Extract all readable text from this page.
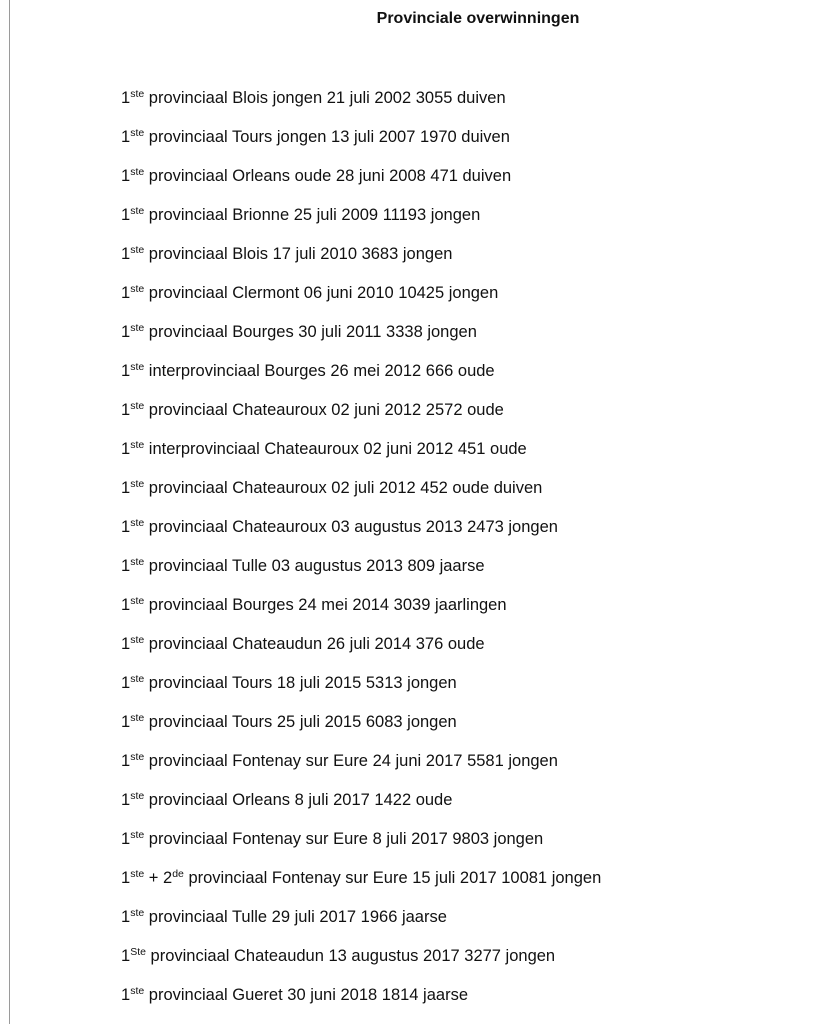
Provinciale overwinningen
1ste provinciaal Blois jongen 21 juli 2002 3055 duiven
1ste provinciaal Tours jongen 13 juli 2007 1970 duiven
1ste provinciaal Orleans oude 28 juni 2008 471 duiven
1ste provinciaal Brionne 25 juli 2009 11193 jongen
1ste provinciaal Blois 17 juli 2010 3683 jongen
1ste provinciaal Clermont 06 juni 2010 10425 jongen
1ste provinciaal Bourges 30 juli 2011 3338 jongen
1ste interprovinciaal Bourges 26 mei 2012 666 oude
1ste provinciaal Chateauroux 02 juni 2012 2572 oude
1ste interprovinciaal Chateauroux 02 juni 2012 451 oude
1ste provinciaal Chateauroux 02 juli 2012 452 oude duiven
1ste provinciaal Chateauroux 03 augustus 2013 2473 jongen
1ste provinciaal Tulle 03 augustus 2013 809 jaarse
1ste provinciaal Bourges 24 mei 2014 3039 jaarlingen
1ste provinciaal Chateaudun 26 juli 2014 376 oude
1ste provinciaal Tours 18 juli 2015 5313 jongen
1ste provinciaal Tours 25 juli 2015 6083 jongen
1ste provinciaal Fontenay sur Eure 24 juni 2017 5581 jongen
1ste provinciaal Orleans 8 juli 2017 1422 oude
1ste provinciaal Fontenay sur Eure 8 juli 2017 9803 jongen
1ste + 2de provinciaal Fontenay sur Eure 15 juli 2017 10081 jongen
1ste provinciaal Tulle 29 juli 2017 1966 jaarse
1Ste provinciaal Chateaudun 13 augustus 2017 3277 jongen
1ste provinciaal Gueret 30 juni 2018 1814 jaarse
